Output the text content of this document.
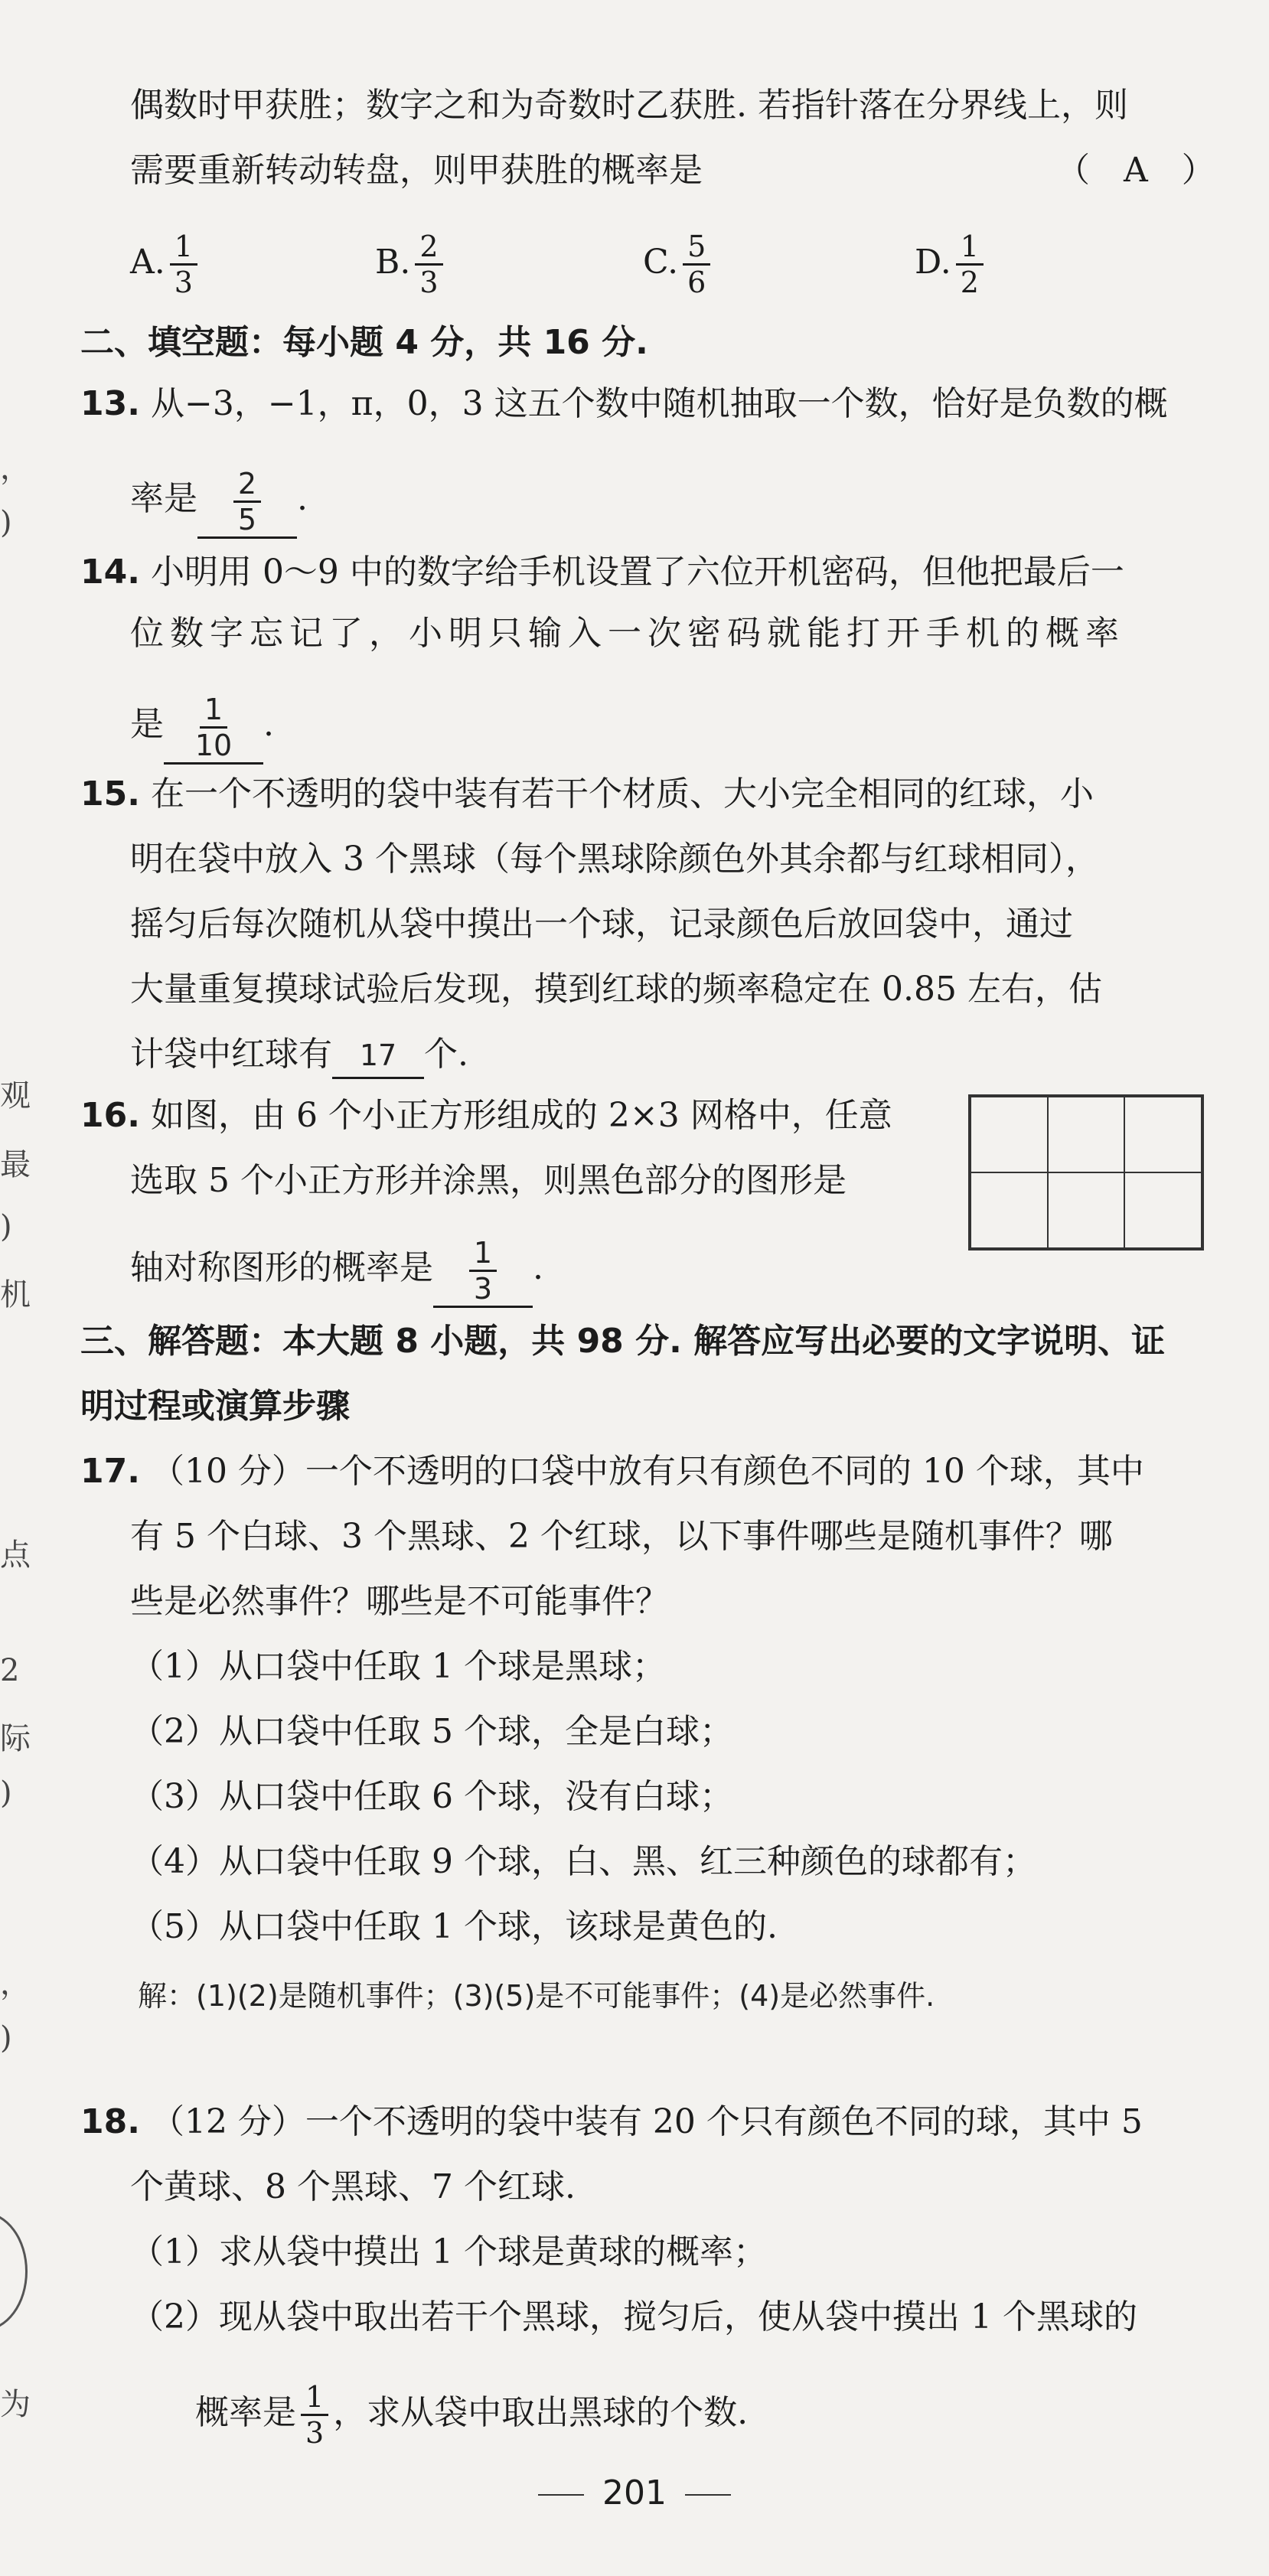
，
)
观
最
)
机
点
2
际
)
，
)
为
偶数时甲获胜；数字之和为奇数时乙获胜. 若指针落在分界线上，则
需要重新转动转盘，则甲获胜的概率是	（　A　）
A. $\frac{1}{3}$	B. $\frac{2}{3}$	C. $\frac{5}{6}$	D. $\frac{1}{2}$
二、填空题：每小题 4 分，共 16 分.
13. 从−3，−1，π，0，3 这五个数中随机抽取一个数，恰好是负数的概
率是 $\frac{2}{5}$ .
14. 小明用 0～9 中的数字给手机设置了六位开机密码，但他把最后一
位数字忘记了，小明只输入一次密码就能打开手机的概率
是 $\frac{1}{10}$ .
15. 在一个不透明的袋中装有若干个材质、大小完全相同的红球，小
明在袋中放入 3 个黑球（每个黑球除颜色外其余都与红球相同），
摇匀后每次随机从袋中摸出一个球，记录颜色后放回袋中，通过
大量重复摸球试验后发现，摸到红球的频率稳定在 0.85 左右，估
计袋中红球有 17 个.
16. 如图，由 6 个小正方形组成的 2×3 网格中，任意
选取 5 个小正方形并涂黑，则黑色部分的图形是
轴对称图形的概率是 $\frac{1}{3}$ .
三、解答题：本大题 8 小题，共 98 分. 解答应写出必要的文字说明、证
明过程或演算步骤
17. （10 分）一个不透明的口袋中放有只有颜色不同的 10 个球，其中
有 5 个白球、3 个黑球、2 个红球，以下事件哪些是随机事件？哪
些是必然事件？哪些是不可能事件？
（1）从口袋中任取 1 个球是黑球；
（2）从口袋中任取 5 个球，全是白球；
（3）从口袋中任取 6 个球，没有白球；
（4）从口袋中任取 9 个球，白、黑、红三种颜色的球都有；
（5）从口袋中任取 1 个球，该球是黄色的.
解：(1)(2)是随机事件；(3)(5)是不可能事件；(4)是必然事件.
18. （12 分）一个不透明的袋中装有 20 个只有颜色不同的球，其中 5
个黄球、8 个黑球、7 个红球.
（1）求从袋中摸出 1 个球是黄球的概率；
（2）现从袋中取出若干个黑球，搅匀后，使从袋中摸出 1 个黑球的
概率是 $\frac{1}{3}$ ，求从袋中取出黑球的个数.
201
